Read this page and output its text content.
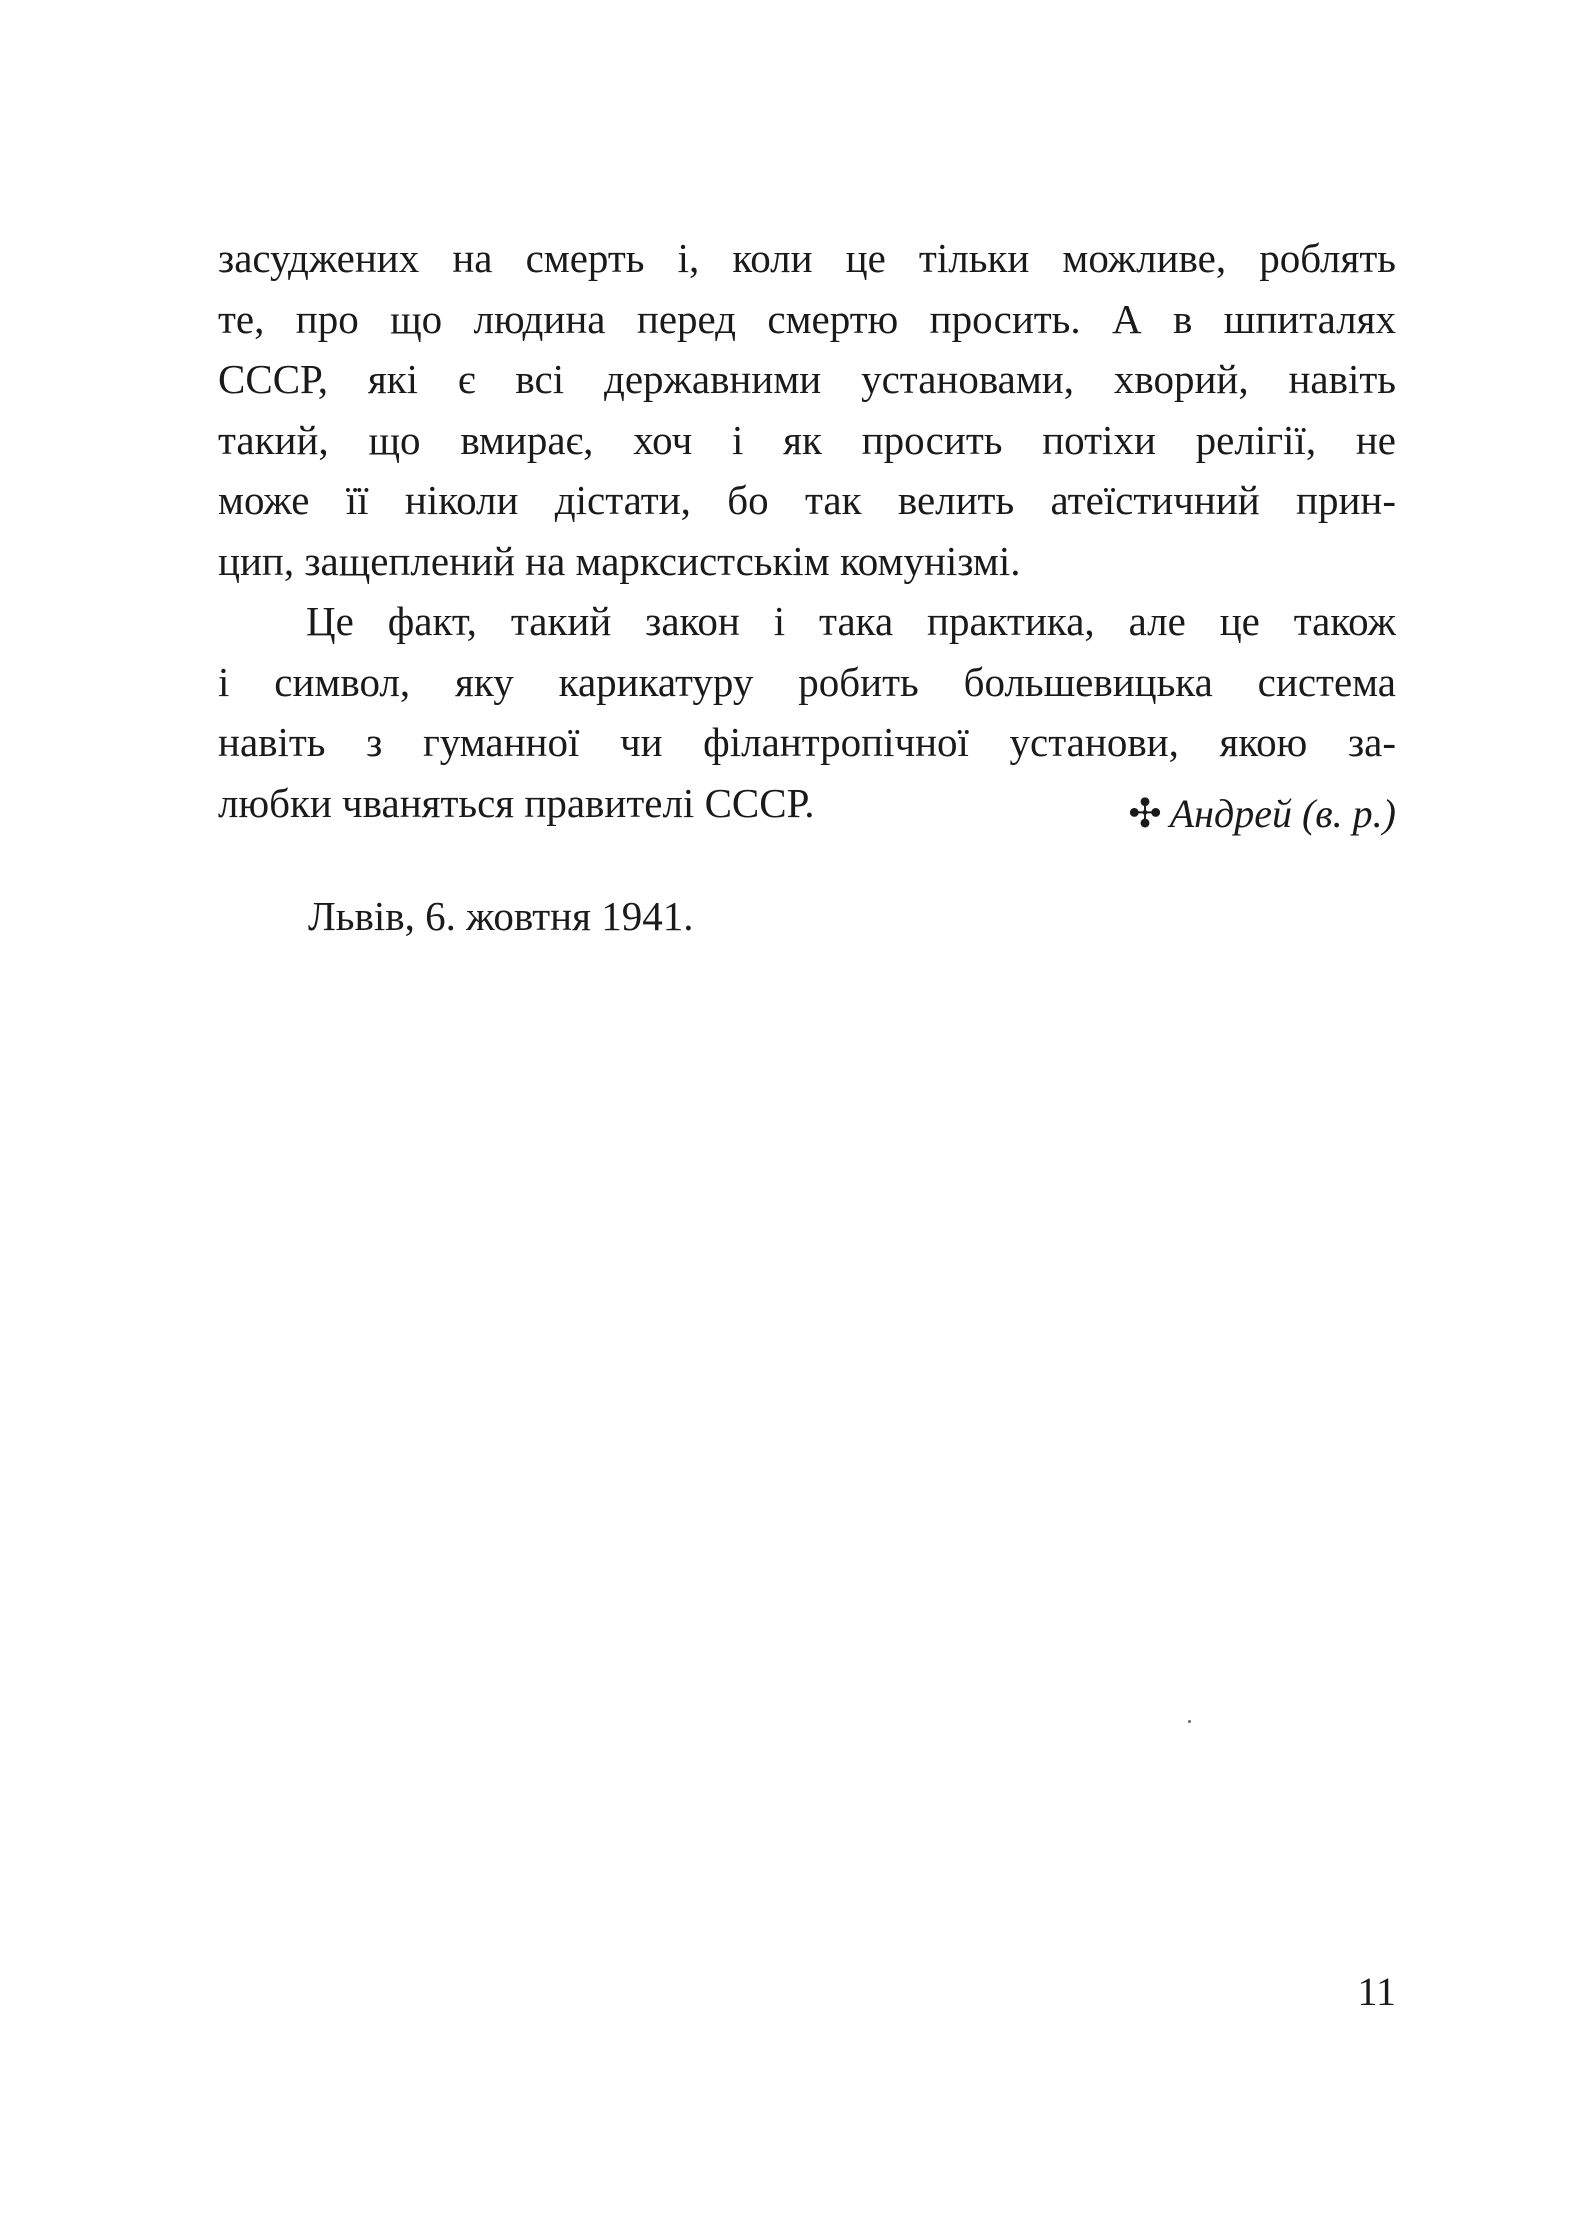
засуджених на смерть і, коли це тільки можливе, роблять
те, про що людина перед смертю просить. А в шпиталях
СССР, які є всі державними установами, хворий, навіть
такий, що вмирає, хоч і як просить потіхи релігії, не
може її ніколи дістати, бо так велить атеїстичний прин-
цип, защеплений на марксистськім комунізмі.
Це факт, такий закон і така практика, але це також
і символ, яку карикатуру робить большевицька система
навіть з гуманної чи філантропічної установи, якою за-
любки чваняться правителі СССР.	✣ Андрей (в. р.)
Львів, 6. жовтня 1941.
11
